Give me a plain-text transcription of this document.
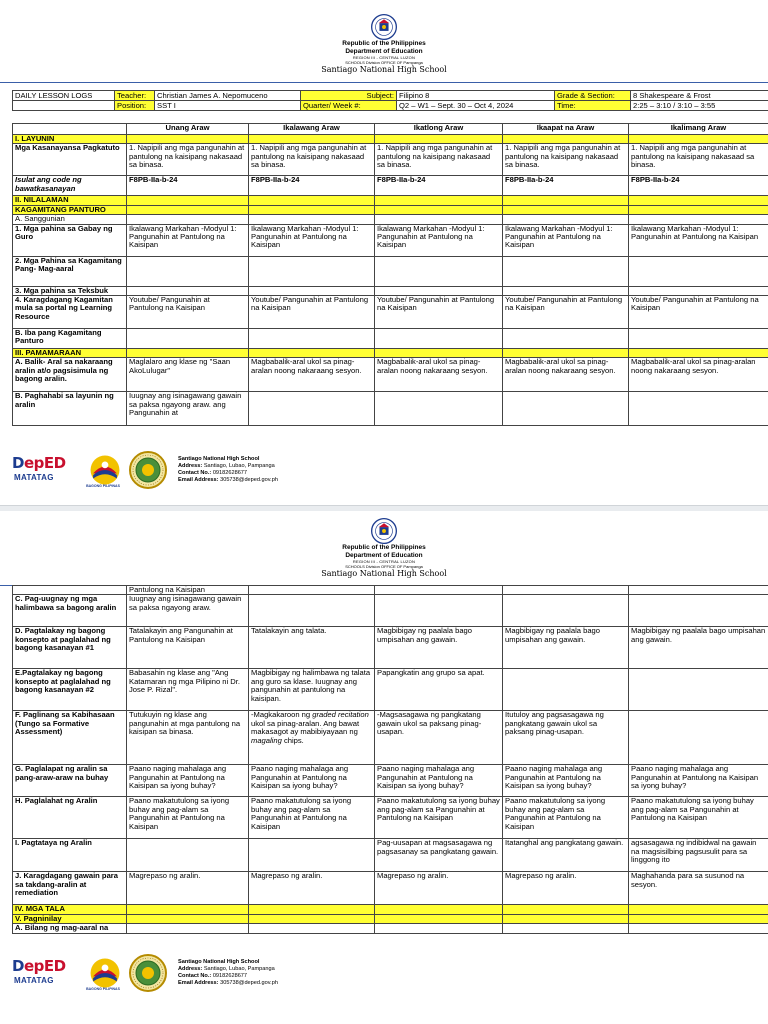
Republic of the Philippines
Department of Education
REGION III - CENTRAL LUZON
SCHOOLS Division OFFICE OF Pampanga
Santiago National High School
DAILY LESSON LOGS	Teacher:	Christian James A. Nepomuceno	Subject:	Filipino 8	Grade & Section:	8 Shakespeare & Frost
	Position:	SST I	Quarter/ Week #:	Q2 – W1 – Sept. 30 – Oct 4, 2024	Time:	2:25 – 3:10 / 3:10 – 3:55
	Unang Araw	Ikalawang Araw	Ikatlong Araw	Ikaapat na Araw	Ikalimang Araw
I. LAYUNIN					
Mga Kasanayansa Pagkatuto	1. Napipili ang mga pangunahin at pantulong na kaisipang nakasaad sa binasa.	1. Napipili ang mga pangunahin at pantulong na kaisipang nakasaad sa binasa.	1. Napipili ang mga pangunahin at pantulong na kaisipang nakasaad sa binasa.	1. Napipili ang mga pangunahin at pantulong na kaisipang nakasaad sa binasa.	1. Napipili ang mga pangunahin at pantulong na kaisipang nakasaad sa binasa.
Isulat ang code ng bawatkasanayan	F8PB-IIa-b-24	F8PB-IIa-b-24	F8PB-IIa-b-24	F8PB-IIa-b-24	F8PB-IIa-b-24
II. NILALAMAN					
KAGAMITANG PANTURO					
A. Sanggunian					
1. Mga pahina sa Gabay ng Guro	Ikalawang Markahan -Modyul 1: Pangunahin at Pantulong na Kaisipan	Ikalawang Markahan -Modyul 1: Pangunahin at Pantulong na Kaisipan	Ikalawang Markahan -Modyul 1: Pangunahin at Pantulong na Kaisipan	Ikalawang Markahan -Modyul 1: Pangunahin at Pantulong na Kaisipan	Ikalawang Markahan -Modyul 1: Pangunahin at Pantulong na Kaisipan
2. Mga Pahina sa Kagamitang Pang- Mag-aaral					
3. Mga pahina sa Teksbuk					
4. Karagdagang Kagamitan mula sa portal ng Learning Resource	Youtube/ Pangunahin at Pantulong na Kaisipan	Youtube/ Pangunahin at Pantulong na Kaisipan	Youtube/ Pangunahin at Pantulong na Kaisipan	Youtube/ Pangunahin at Pantulong na Kaisipan	Youtube/ Pangunahin at Pantulong na Kaisipan
B. Iba pang Kagamitang Panturo					
III. PAMAMARAAN					
A. Balik- Aral sa nakaraang aralin at/o pagsisimula ng bagong aralin.	Maglalaro ang klase ng "Saan AkoLulugar"	Magbabalik-aral ukol sa pinag-aralan noong nakaraang sesyon.	Magbabalik-aral ukol sa pinag-aralan noong nakaraang sesyon.	Magbabalik-aral ukol sa pinag-aralan noong nakaraang sesyon.	Magbabalik-aral ukol sa pinag-aralan noong nakaraang sesyon.
B. Paghahabi sa layunin ng aralin	Iuugnay ang isinagawang gawain sa paksa ngayong araw. ang Pangunahin at				
DepED
MATATAG
BAGONG PILIPINAS
Santiago National High School
Address: Santiago, Lubao, Pampanga
Contact No.: 09182628677
Email Address: 305738@deped.gov.ph
Republic of the Philippines
Department of Education
REGION III - CENTRAL LUZON
SCHOOLS Division OFFICE OF Pampanga
Santiago National High School
	Pantulong na Kaisipan				
C. Pag-uugnay ng mga halimbawa sa bagong aralin	Iuugnay ang isinagawang gawain sa paksa ngayong araw.				
D. Pagtalakay ng bagong konsepto at paglalahad ng bagong kasanayan #1	Tatalakayin ang Pangunahin at Pantulong na Kaisipan	Tatalakayin ang talata.	Magbibigay ng paalala bago umpisahan ang gawain.	Magbibigay ng paalala bago umpisahan ang gawain.	Magbibigay ng paalala bago umpisahan ang gawain.
E.Pagtalakay ng bagong konsepto at paglalahad ng bagong kasanayan #2	Babasahin ng klase ang "Ang Katamaran ng mga Pilipino ni Dr. Jose P. Rizal".	Magbibigay ng halimbawa ng talata ang guro sa klase. Iuugnay ang pangunahin at pantulong na kaisipan.	Papangkatin ang grupo sa apat.		
F. Paglinang sa Kabihasaan (Tungo sa Formative Assessment)	Tutukuyin ng klase ang pangunahin at mga pantulong na kaisipan sa binasa.	-Magkakaroon ng graded recitation ukol sa pinag-aralan. Ang bawat makasagot ay mabibiyayaan ng magaling chips.	-Magsasagawa ng pangkatang gawain ukol sa paksang pinag-usapan.	Itutuloy ang pagsasagawa ng pangkatang gawain ukol sa paksang pinag-usapan.	
G. Paglalapat ng aralin sa pang-araw-araw na buhay	Paano naging mahalaga ang Pangunahin at Pantulong na Kaisipan sa iyong buhay?	Paano naging mahalaga ang Pangunahin at Pantulong na Kaisipan sa iyong buhay?	Paano naging mahalaga ang Pangunahin at Pantulong na Kaisipan sa iyong buhay?	Paano naging mahalaga ang Pangunahin at Pantulong na Kaisipan sa iyong buhay?	Paano naging mahalaga ang Pangunahin at Pantulong na Kaisipan sa iyong buhay?
H. Paglalahat ng Aralin	Paano makatutulong sa iyong buhay ang pag-alam sa Pangunahin at Pantulong na Kaisipan	Paano makatutulong sa iyong buhay ang pag-alam sa Pangunahin at Pantulong na Kaisipan	Paano makatutulong sa iyong buhay ang pag-alam sa Pangunahin at Pantulong na Kaisipan	Paano makatutulong sa iyong buhay ang pag-alam sa Pangunahin at Pantulong na Kaisipan	Paano makatutulong sa iyong buhay ang pag-alam sa Pangunahin at Pantulong na Kaisipan
I. Pagtataya ng Aralin			Pag-uusapan at magsasagawa ng pagsasanay sa pangkatang gawain.	Itatanghal ang pangkatang gawain.	agsasagawa ng indibidwal na gawain na magsisilbing pagsusulit para sa linggong ito
J. Karagdagang gawain para sa takdang-aralin at remediation	Magrepaso ng aralin.	Magrepaso ng aralin.	Magrepaso ng aralin.	Magrepaso ng aralin.	Maghahanda para sa susunod na sesyon.
IV. MGA TALA					
V. Pagninilay					
A. Bilang ng mag-aaral na					
DepED
MATATAG
BAGONG PILIPINAS
Santiago National High School
Address: Santiago, Lubao, Pampanga
Contact No.: 09182628677
Email Address: 305738@deped.gov.ph
